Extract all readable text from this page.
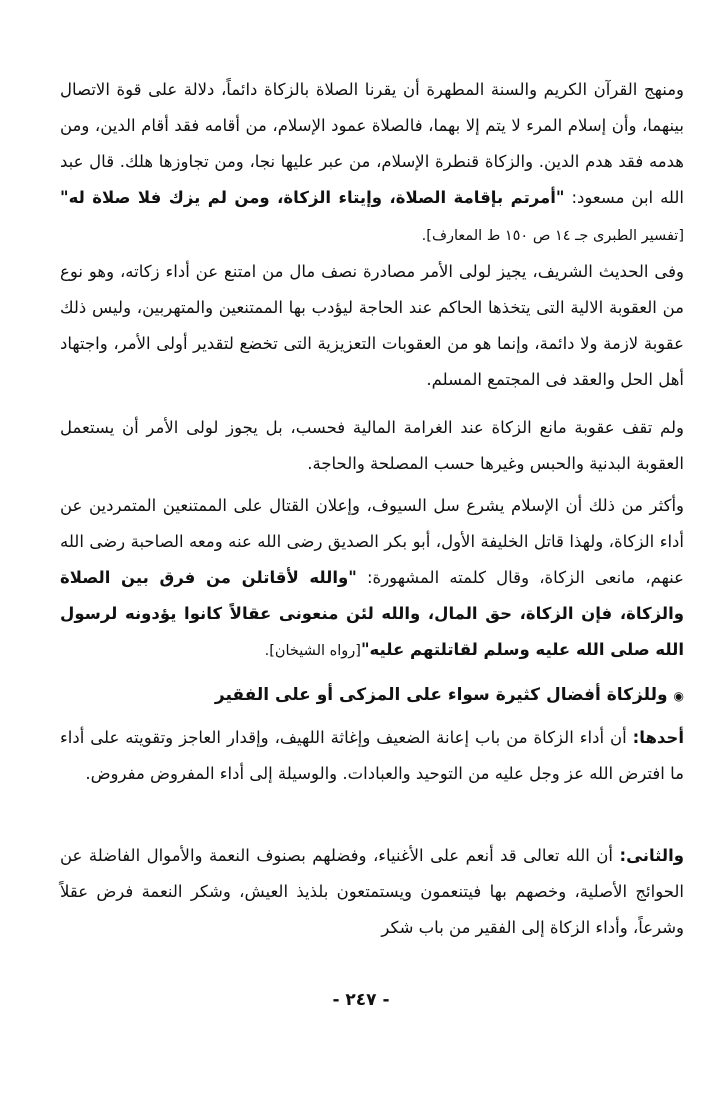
ومنهج القرآن الكريم والسنة المطهرة أن يقرنا الصلاة بالزكاة دائماً، دلالة على قوة الاتصال بينهما، وأن إسلام المرء لا يتم إلا بهما، فالصلاة عمود الإسلام، من أقامه فقد أقام الدين، ومن هدمه فقد هدم الدين. والزكاة قنطرة الإسلام، من عبر عليها نجا، ومن تجاوزها هلك. قال عبد الله ابن مسعود: "أمرتم بإقامة الصلاة، وإيتاء الزكاة، ومن لم يزك فلا صلاة له" [تفسير الطبرى جـ ١٤ ص ١٥٠ ط المعارف].

وفى الحديث الشريف، يجيز لولى الأمر مصادرة نصف مال من امتنع عن أداء زكاته، وهو نوع من العقوبة الالية التى يتخذها الحاكم عند الحاجة ليؤدب بها الممتنعين والمتهربين، وليس ذلك عقوبة لازمة ولا دائمة، وإنما هو من العقوبات التعزيزية التى تخضع لتقدير أولى الأمر، واجتهاد أهل الحل والعقد فى المجتمع المسلم.

ولم تقف عقوبة مانع الزكاة عند الغرامة المالية فحسب، بل يجوز لولى الأمر أن يستعمل العقوبة البدنية والحبس وغيرها حسب المصلحة والحاجة.

وأكثر من ذلك أن الإسلام يشرع سل السيوف، وإعلان القتال على الممتنعين المتمردين عن أداء الزكاة، ولهذا قاتل الخليفة الأول، أبو بكر الصديق رضى الله عنه ومعه الصاحبة رضى الله عنهم، مانعى الزكاة، وقال كلمته المشهورة: "والله لأقاتلن من فرق بين الصلاة والزكاة، فإن الزكاة، حق المال، والله لئن منعونى عقالاً كانوا يؤدونه لرسول الله صلى الله عليه وسلم لقاتلتهم عليه"[رواه الشيخان].

◉وللزكاة أفضال كثيرة سواء على المزكى أو على الفقير

أحدها: أن أداء الزكاة من باب إعانة الضعيف وإغاثة اللهيف، وإقدار العاجز وتقويته على أداء ما افترض الله عز وجل عليه من التوحيد والعبادات. والوسيلة إلى أداء المفروض مفروض.

والثانى: أن الله تعالى قد أنعم على الأغنياء، وفضلهم بصنوف النعمة والأموال الفاضلة عن الحوائج الأصلية، وخصهم بها فيتنعمون ويستمتعون بلذيذ العيش، وشكر النعمة فرض عقلاً وشرعاً، وأداء الزكاة إلى الفقير من باب شكر

- ٢٤٧ -
